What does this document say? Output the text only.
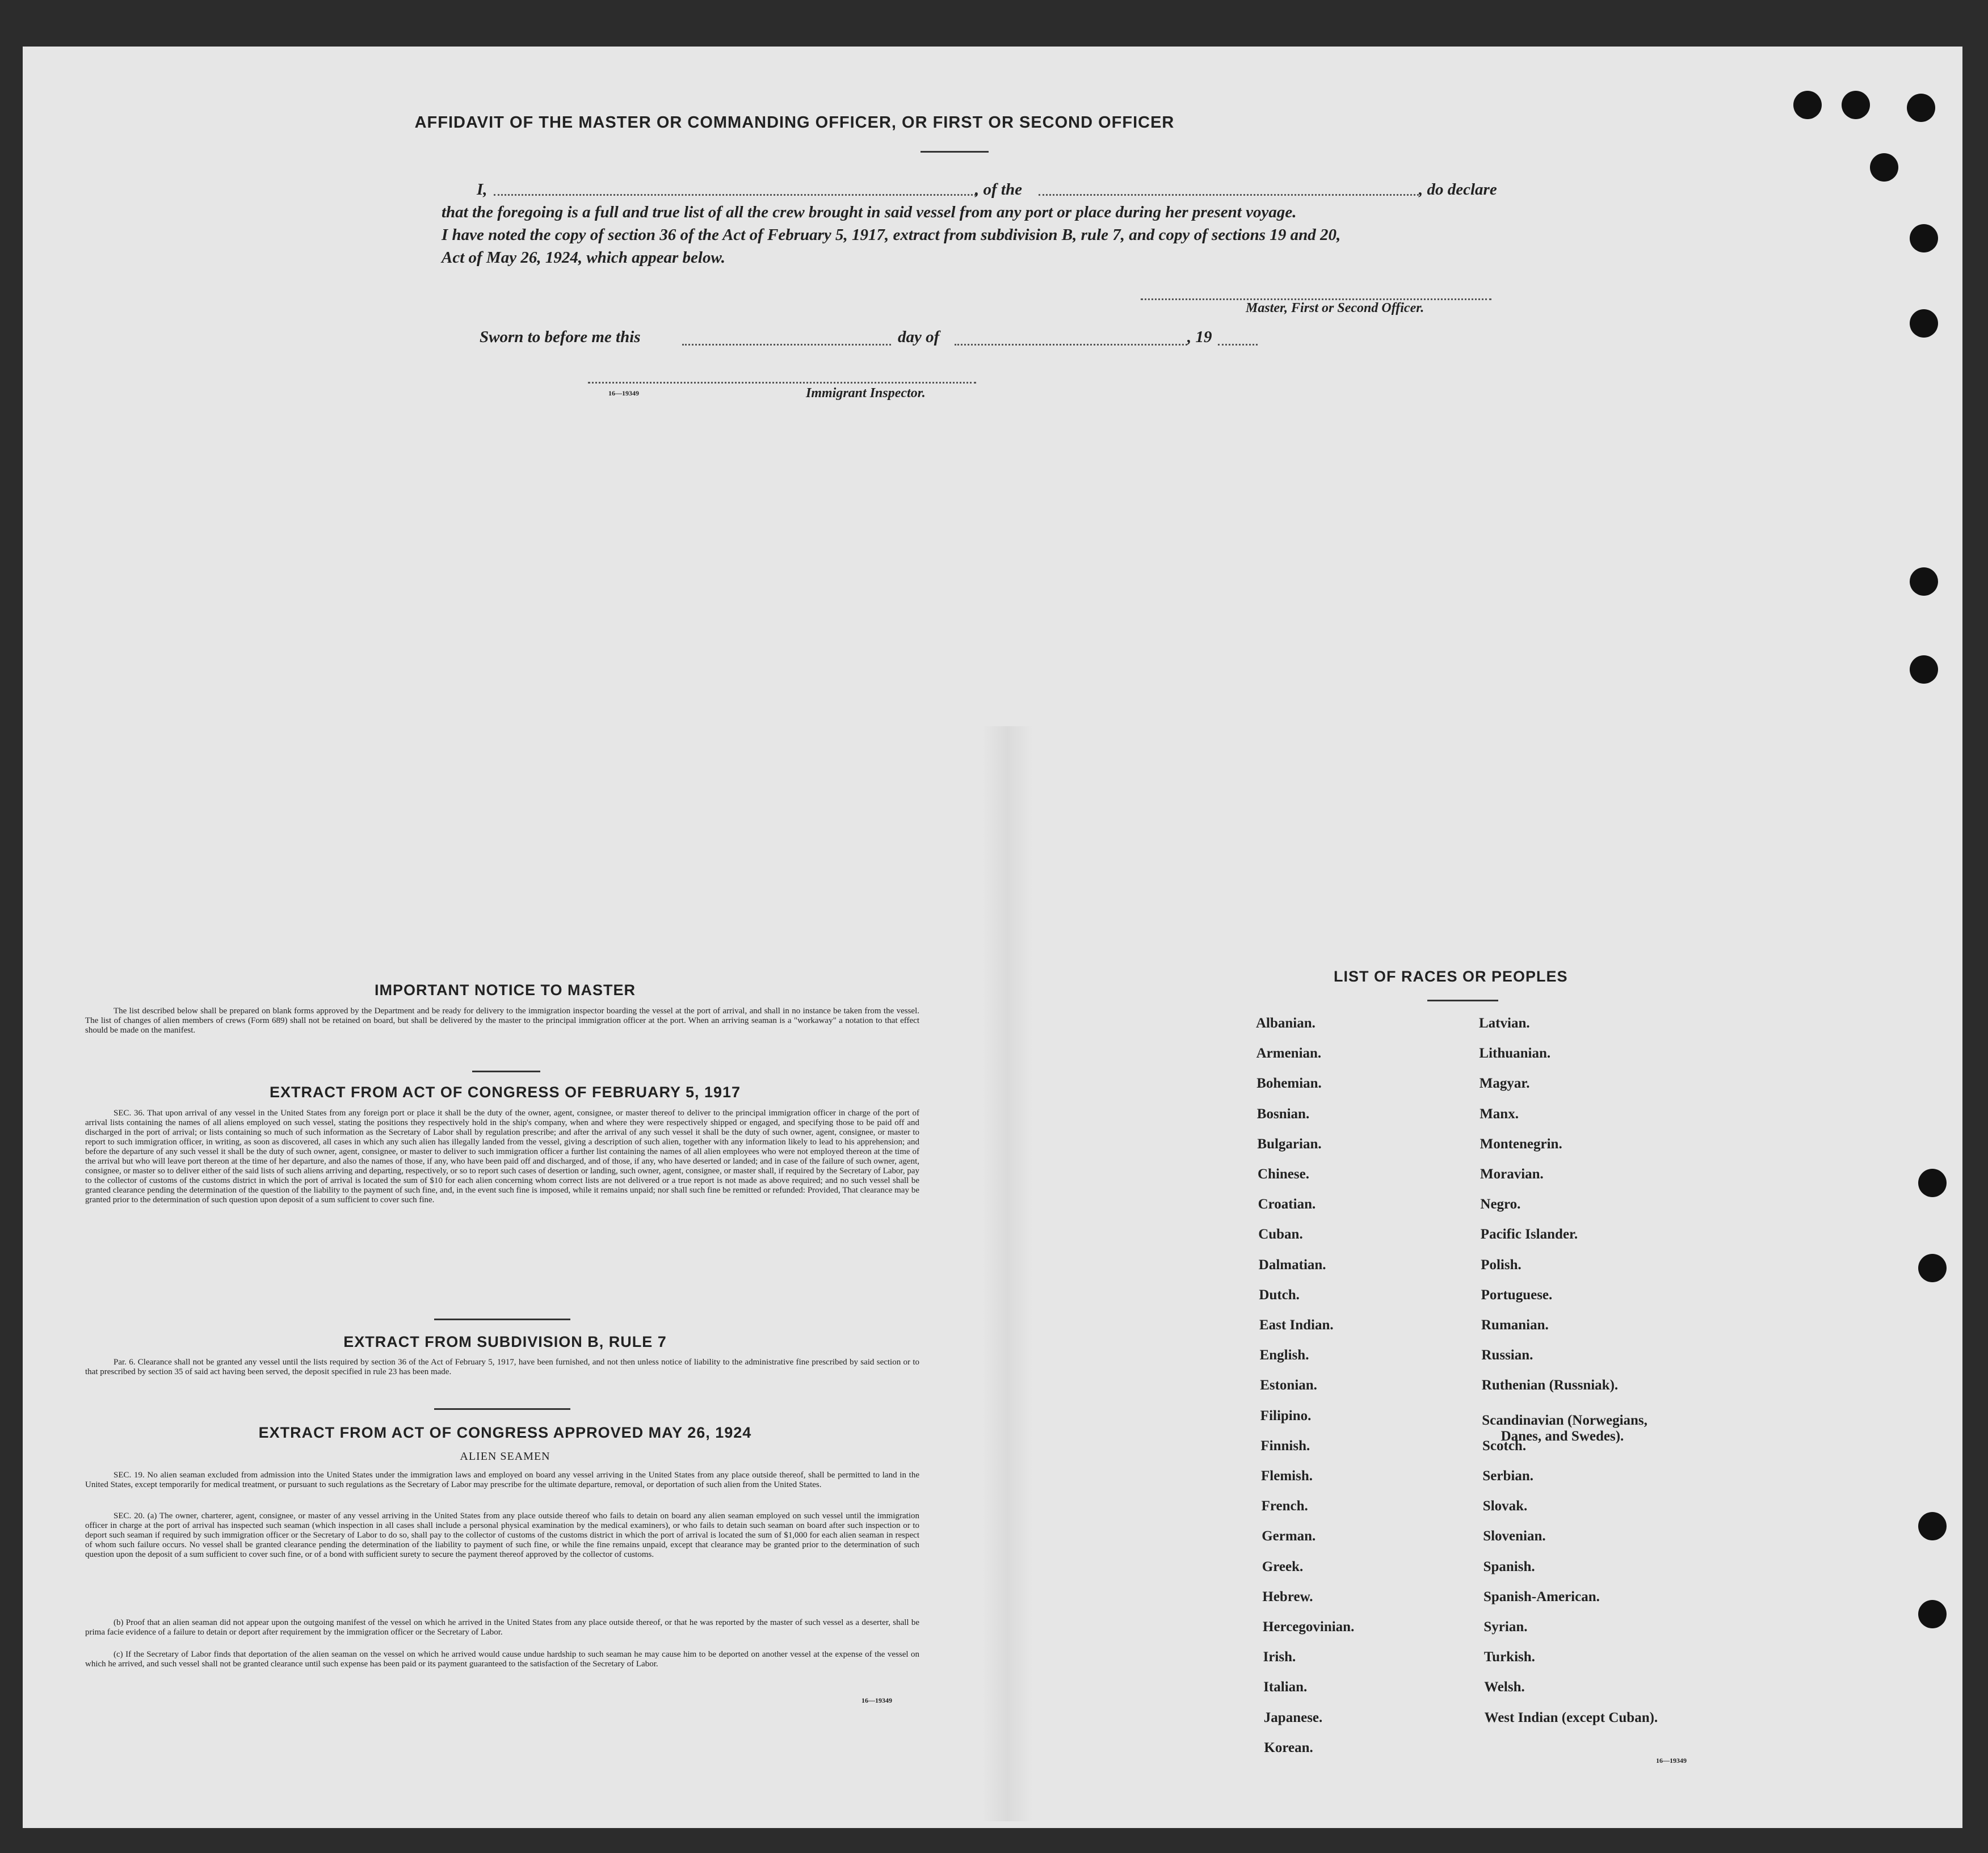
AFFIDAVIT OF THE MASTER OR COMMANDING OFFICER, OR FIRST OR SECOND OFFICER
I,	, of the	, do declare
that the foregoing is a full and true list of all the crew brought in said vessel from any port or place during her present voyage.
I have noted the copy of section 36 of the Act of February 5, 1917, extract from subdivision B, rule 7, and copy of sections 19 and 20,
Act of May 26, 1924, which appear below.
Master, First or Second Officer.
Sworn to before me this	day of	, 19
16—19349	Immigrant Inspector.
IMPORTANT NOTICE TO MASTER
The list described below shall be prepared on blank forms approved by the Department and be ready for delivery to the immigration inspector boarding the vessel at the port of arrival, and shall in no instance be taken from the vessel. The list of changes of alien members of crews (Form 689) shall not be retained on board, but shall be delivered by the master to the principal immigration officer at the port. When an arriving seaman is a "workaway" a notation to that effect should be made on the manifest.
EXTRACT FROM ACT OF CONGRESS OF FEBRUARY 5, 1917
SEC. 36. That upon arrival of any vessel in the United States from any foreign port or place it shall be the duty of the owner, agent, consignee, or master thereof to deliver to the principal immigration officer in charge of the port of arrival lists containing the names of all aliens employed on such vessel, stating the positions they respectively hold in the ship's company, when and where they were respectively shipped or engaged, and specifying those to be paid off and discharged in the port of arrival; or lists containing so much of such information as the Secretary of Labor shall by regulation prescribe; and after the arrival of any such vessel it shall be the duty of such owner, agent, consignee, or master to report to such immigration officer, in writing, as soon as discovered, all cases in which any such alien has illegally landed from the vessel, giving a description of such alien, together with any information likely to lead to his apprehension; and before the departure of any such vessel it shall be the duty of such owner, agent, consignee, or master to deliver to such immigration officer a further list containing the names of all alien employees who were not employed thereon at the time of the arrival but who will leave port thereon at the time of her departure, and also the names of those, if any, who have been paid off and discharged, and of those, if any, who have deserted or landed; and in case of the failure of such owner, agent, consignee, or master so to deliver either of the said lists of such aliens arriving and departing, respectively, or so to report such cases of desertion or landing, such owner, agent, consignee, or master shall, if required by the Secretary of Labor, pay to the collector of customs of the customs district in which the port of arrival is located the sum of $10 for each alien concerning whom correct lists are not delivered or a true report is not made as above required; and no such vessel shall be granted clearance pending the determination of the question of the liability to the payment of such fine, and, in the event such fine is imposed, while it remains unpaid; nor shall such fine be remitted or refunded: Provided, That clearance may be granted prior to the determination of such question upon deposit of a sum sufficient to cover such fine.
EXTRACT FROM SUBDIVISION B, RULE 7
Par. 6. Clearance shall not be granted any vessel until the lists required by section 36 of the Act of February 5, 1917, have been furnished, and not then unless notice of liability to the administrative fine prescribed by said section or to that prescribed by section 35 of said act having been served, the deposit specified in rule 23 has been made.
EXTRACT FROM ACT OF CONGRESS APPROVED MAY 26, 1924
ALIEN SEAMEN
SEC. 19. No alien seaman excluded from admission into the United States under the immigration laws and employed on board any vessel arriving in the United States from any place outside thereof, shall be permitted to land in the United States, except temporarily for medical treatment, or pursuant to such regulations as the Secretary of Labor may prescribe for the ultimate departure, removal, or deportation of such alien from the United States.
SEC. 20. (a) The owner, charterer, agent, consignee, or master of any vessel arriving in the United States from any place outside thereof who fails to detain on board any alien seaman employed on such vessel until the immigration officer in charge at the port of arrival has inspected such seaman (which inspection in all cases shall include a personal physical examination by the medical examiners), or who fails to detain such seaman on board after such inspection or to deport such seaman if required by such immigration officer or the Secretary of Labor to do so, shall pay to the collector of customs of the customs district in which the port of arrival is located the sum of $1,000 for each alien seaman in respect of whom such failure occurs. No vessel shall be granted clearance pending the determination of the liability to payment of such fine, or while the fine remains unpaid, except that clearance may be granted prior to the determination of such question upon the deposit of a sum sufficient to cover such fine, or of a bond with sufficient surety to secure the payment thereof approved by the collector of customs.
(b) Proof that an alien seaman did not appear upon the outgoing manifest of the vessel on which he arrived in the United States from any place outside thereof, or that he was reported by the master of such vessel as a deserter, shall be prima facie evidence of a failure to detain or deport after requirement by the immigration officer or the Secretary of Labor.
(c) If the Secretary of Labor finds that deportation of the alien seaman on the vessel on which he arrived would cause undue hardship to such seaman he may cause him to be deported on another vessel at the expense of the vessel on which he arrived, and such vessel shall not be granted clearance until such expense has been paid or its payment guaranteed to the satisfaction of the Secretary of Labor.
16—19349
LIST OF RACES OR PEOPLES
Albanian.
Armenian.
Bohemian.
Bosnian.
Bulgarian.
Chinese.
Croatian.
Cuban.
Dalmatian.
Dutch.
East Indian.
English.
Estonian.
Filipino.
Finnish.
Flemish.
French.
German.
Greek.
Hebrew.
Hercegovinian.
Irish.
Italian.
Japanese.
Korean.
Latvian.
Lithuanian.
Magyar.
Manx.
Montenegrin.
Moravian.
Negro.
Pacific Islander.
Polish.
Portuguese.
Rumanian.
Russian.
Ruthenian (Russniak).
Scandinavian (Norwegians,
Danes, and Swedes).
Scotch.
Serbian.
Slovak.
Slovenian.
Spanish.
Spanish-American.
Syrian.
Turkish.
Welsh.
West Indian (except Cuban).
16—19349
